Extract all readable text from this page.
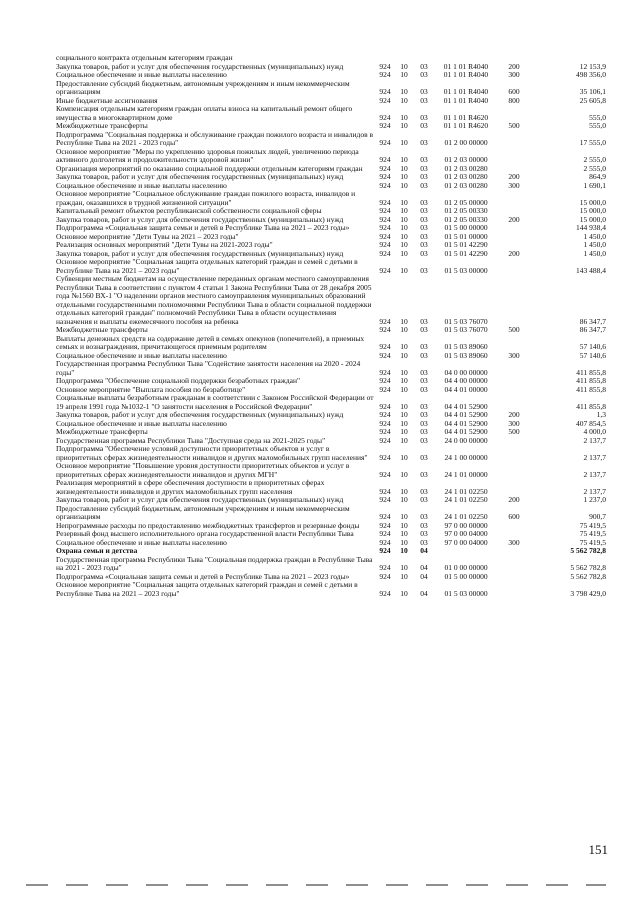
социального контракта отдельным категориям граждан						
Закупка товаров, работ и услуг для обеспечения государственных (муниципальных) нужд	924	10	03	01 1 01 R4040	200	12 153,9
Социальное обеспечение и иные выплаты населению	924	10	03	01 1 01 R4040	300	498 356,0
Предоставление субсидий бюджетным, автономным учреждениям и иным некоммерческим организациям	924	10	03	01 1 01 R4040	600	35 106,1
Иные бюджетные ассигнования	924	10	03	01 1 01 R4040	800	25 605,8
Компенсация отдельным категориям граждан оплаты взноса на капитальный ремонт общего имущества в многоквартирном доме	924	10	03	01 1 01 R4620		555,0
Межбюджетные трансферты	924	10	03	01 1 01 R4620	500	555,0
Подпрограмма "Социальная поддержка и обслуживание граждан пожилого возраста и инвалидов в Республике Тыва на 2021 - 2023 годы"	924	10	03	01 2 00 00000		17 555,0
Основное мероприятие "Меры по укреплению здоровья пожилых людей, увеличению периода активного долголетия и продолжительности здоровой жизни"	924	10	03	01 2 03 00000		2 555,0
Организация мероприятий по оказанию социальной поддержки отдельным категориям граждан	924	10	03	01 2 03 00280		2 555,0
Закупка товаров, работ и услуг для обеспечения государственных (муниципальных) нужд	924	10	03	01 2 03 00280	200	864,9
Социальное обеспечение и иные выплаты населению	924	10	03	01 2 03 00280	300	1 690,1
Основное мероприятие "Социальное обслуживание граждан пожилого возраста, инвалидов и граждан, оказавшихся в трудной жизненной ситуации"	924	10	03	01 2 05 00000		15 000,0
Капитальный ремонт объектов республиканской собственности социальной сферы	924	10	03	01 2 05 00330		15 000,0
Закупка товаров, работ и услуг для обеспечения государственных (муниципальных) нужд	924	10	03	01 2 05 00330	200	15 000,0
Подпрограмма «Социальная защита семьи и детей в Республике Тыва на 2021 – 2023 годы»	924	10	03	01 5 00 00000		144 938,4
Основное мероприятие "Дети Тувы на 2021 – 2023 годы"	924	10	03	01 5 01 00000		1 450,0
Реализация основных мероприятий "Дети Тувы на 2021-2023 годы"	924	10	03	01 5 01 42290		1 450,0
Закупка товаров, работ и услуг для обеспечения государственных (муниципальных) нужд	924	10	03	01 5 01 42290	200	1 450,0
Основное мероприятие "Социальная защита отдельных категорий граждан и семей с детьми в Республике Тыва на 2021 – 2023 годы"	924	10	03	01 5 03 00000		143 488,4
Субвенции местным бюджетам на осуществление переданных органам местного самоуправления Республики Тыва в соответствии с пунктом 4 статьи 1 Закона Республики Тыва от 28 декабря 2005 года №1560 ВХ-1 "О наделении органов местного самоуправления муниципальных образований отдельными государственными полномочиями Республики Тыва в области социальной поддержки отдельных категорий граждан" полномочий Республики Тыва в области осуществления назначения и выплаты ежемесячного пособия на ребенка	924	10	03	01 5 03 76070		86 347,7
Межбюджетные трансферты	924	10	03	01 5 03 76070	500	86 347,7
Выплаты денежных средств на содержание детей в семьях опекунов (попечителей), в приемных семьях и вознаграждения, причитающегося приемным родителям	924	10	03	01 5 03 89060		57 140,6
Социальное обеспечение и иные выплаты населению	924	10	03	01 5 03 89060	300	57 140,6
Государственная программа Республики Тыва "Содействие занятости населения на 2020 - 2024 годы"	924	10	03	04 0 00 00000		411 855,8
Подпрограмма "Обеспечение социальной поддержки безработных граждан"	924	10	03	04 4 00 00000		411 855,8
Основное мероприятие "Выплата пособия по безработице"	924	10	03	04 4 01 00000		411 855,8
Социальные выплаты безработным гражданам в соответствии с Законом Российской Федерации от 19 апреля 1991 года №1032-1 "О занятости населения в Российской Федерации"	924	10	03	04 4 01 52900		411 855,8
Закупка товаров, работ и услуг для обеспечения государственных (муниципальных) нужд	924	10	03	04 4 01 52900	200	1,3
Социальное обеспечение и иные выплаты населению	924	10	03	04 4 01 52900	300	407 854,5
Межбюджетные трансферты	924	10	03	04 4 01 52900	500	4 000,0
Государственная программа Республики Тыва "Доступная среда на 2021-2025 годы"	924	10	03	24 0 00 00000		2 137,7
Подпрограмма "Обеспечение условий доступности приоритетных объектов и услуг в приоритетных сферах жизнедеятельности инвалидов и других маломобильных групп населения"	924	10	03	24 1 00 00000		2 137,7
Основное мероприятие "Повышение уровня доступности приоритетных объектов и услуг в приоритетных сферах жизнедеятельности инвалидов и других МГН"	924	10	03	24 1 01 00000		2 137,7
Реализация мероприятий в сфере обеспечения доступности в приоритетных сферах жизнедеятельности инвалидов и других маломобильных групп населения	924	10	03	24 1 01 02250		2 137,7
Закупка товаров, работ и услуг для обеспечения государственных (муниципальных) нужд	924	10	03	24 1 01 02250	200	1 237,0
Предоставление субсидий бюджетным, автономным учреждениям и иным некоммерческим организациям	924	10	03	24 1 01 02250	600	900,7
Непрограммные расходы по предоставлению межбюджетных трансфертов и резервные фонды	924	10	03	97 0 00 00000		75 419,5
Резервный фонд высшего исполнительного органа государственной власти Республики Тыва	924	10	03	97 0 00 04000		75 419,5
Социальное обеспечение и иные выплаты населению	924	10	03	97 0 00 04000	300	75 419,5
Охрана семьи и детства	924	10	04			5 562 782,8
Государственная программа Республики Тыва "Социальная поддержка граждан в Республике Тыва на 2021 - 2023 годы"	924	10	04	01 0 00 00000		5 562 782,8
Подпрограмма «Социальная защита семьи и детей в Республике Тыва на 2021 – 2023 годы»	924	10	04	01 5 00 00000		5 562 782,8
Основное мероприятие "Социальная защита отдельных категорий граждан и семей с детьми в Республике Тыва на 2021 – 2023 годы"	924	10	04	01 5 03 00000		3 798 429,0
151
